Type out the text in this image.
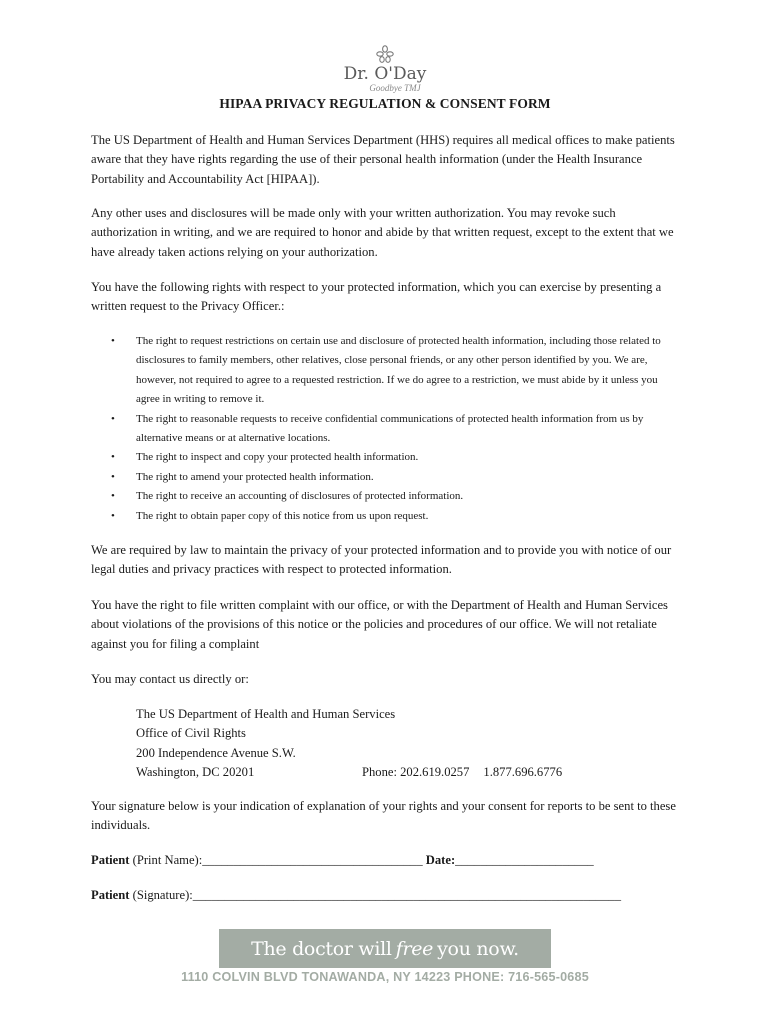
Dr. O'Day
Goodbye TMJ
HIPAA PRIVACY REGULATION & CONSENT FORM
The US Department of Health and Human Services Department (HHS) requires all medical offices to make patients aware that they have rights regarding the use of their personal health information (under the Health Insurance Portability and Accountability Act [HIPAA]).
Any other uses and disclosures will be made only with your written authorization. You may revoke such authorization in writing, and we are required to honor and abide by that written request, except to the extent that we have already taken actions relying on your authorization.
You have the following rights with respect to your protected information, which you can exercise by presenting a written request to the Privacy Officer.:
• The right to request restrictions on certain use and disclosure of protected health information, including those related to disclosures to family members, other relatives, close personal friends, or any other person identified by you. We are, however, not required to agree to a requested restriction. If we do agree to a restriction, we must abide by it unless you agree in writing to remove it.
• The right to reasonable requests to receive confidential communications of protected health information from us by alternative means or at alternative locations.
• The right to inspect and copy your protected health information.
• The right to amend your protected health information.
• The right to receive an accounting of disclosures of protected information.
• The right to obtain paper copy of this notice from us upon request.
We are required by law to maintain the privacy of your protected information and to provide you with notice of our legal duties and privacy practices with respect to protected information.
You have the right to file written complaint with our office, or with the Department of Health and Human Services about violations of the provisions of this notice or the policies and procedures of our office. We will not retaliate against you for filing a complaint
You may contact us directly or:
The US Department of Health and Human Services
Office of Civil Rights
200 Independence Avenue S.W.
Washington, DC 20201	Phone: 202.619.0257 1.877.696.6776
Your signature below is your indication of explanation of your rights and your consent for reports to be sent to these individuals.
Patient (Print Name):___________________________________ Date:______________________
Patient (Signature):____________________________________________________________________
The doctor will free you now.
1110 COLVIN BLVD TONAWANDA, NY 14223 PHONE: 716-565-0685
